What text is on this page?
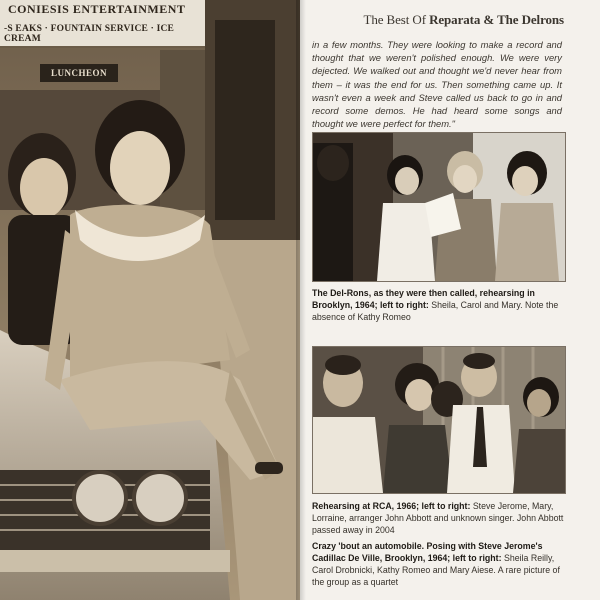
CONIESIS ENTERTAINMENT
-S EAKS · FOUNTAIN SERVICE · ICE CREAM
LUNCHEON
The Best Of Reparata & The Delrons
in a few months. They were looking to make a record and thought that we weren't polished enough. We were very dejected. We walked out and thought we'd never hear from them – it was the end for us. Then something came up. It wasn't even a week and Steve called us back to go in and record some demos. He had heard some songs and thought we were perfect for them."
The Del-Rons, as they were then called, rehearsing in Brooklyn, 1964; left to right: Sheila, Carol and Mary. Note the absence of Kathy Romeo
Rehearsing at RCA, 1966; left to right: Steve Jerome, Mary, Lorraine, arranger John Abbott and unknown singer. John Abbott passed away in 2004
Crazy 'bout an automobile. Posing with Steve Jerome's Cadillac De Ville, Brooklyn, 1964; left to right: Sheila Reilly, Carol Drobnicki, Kathy Romeo and Mary Aiese. A rare picture of the group as a quartet
